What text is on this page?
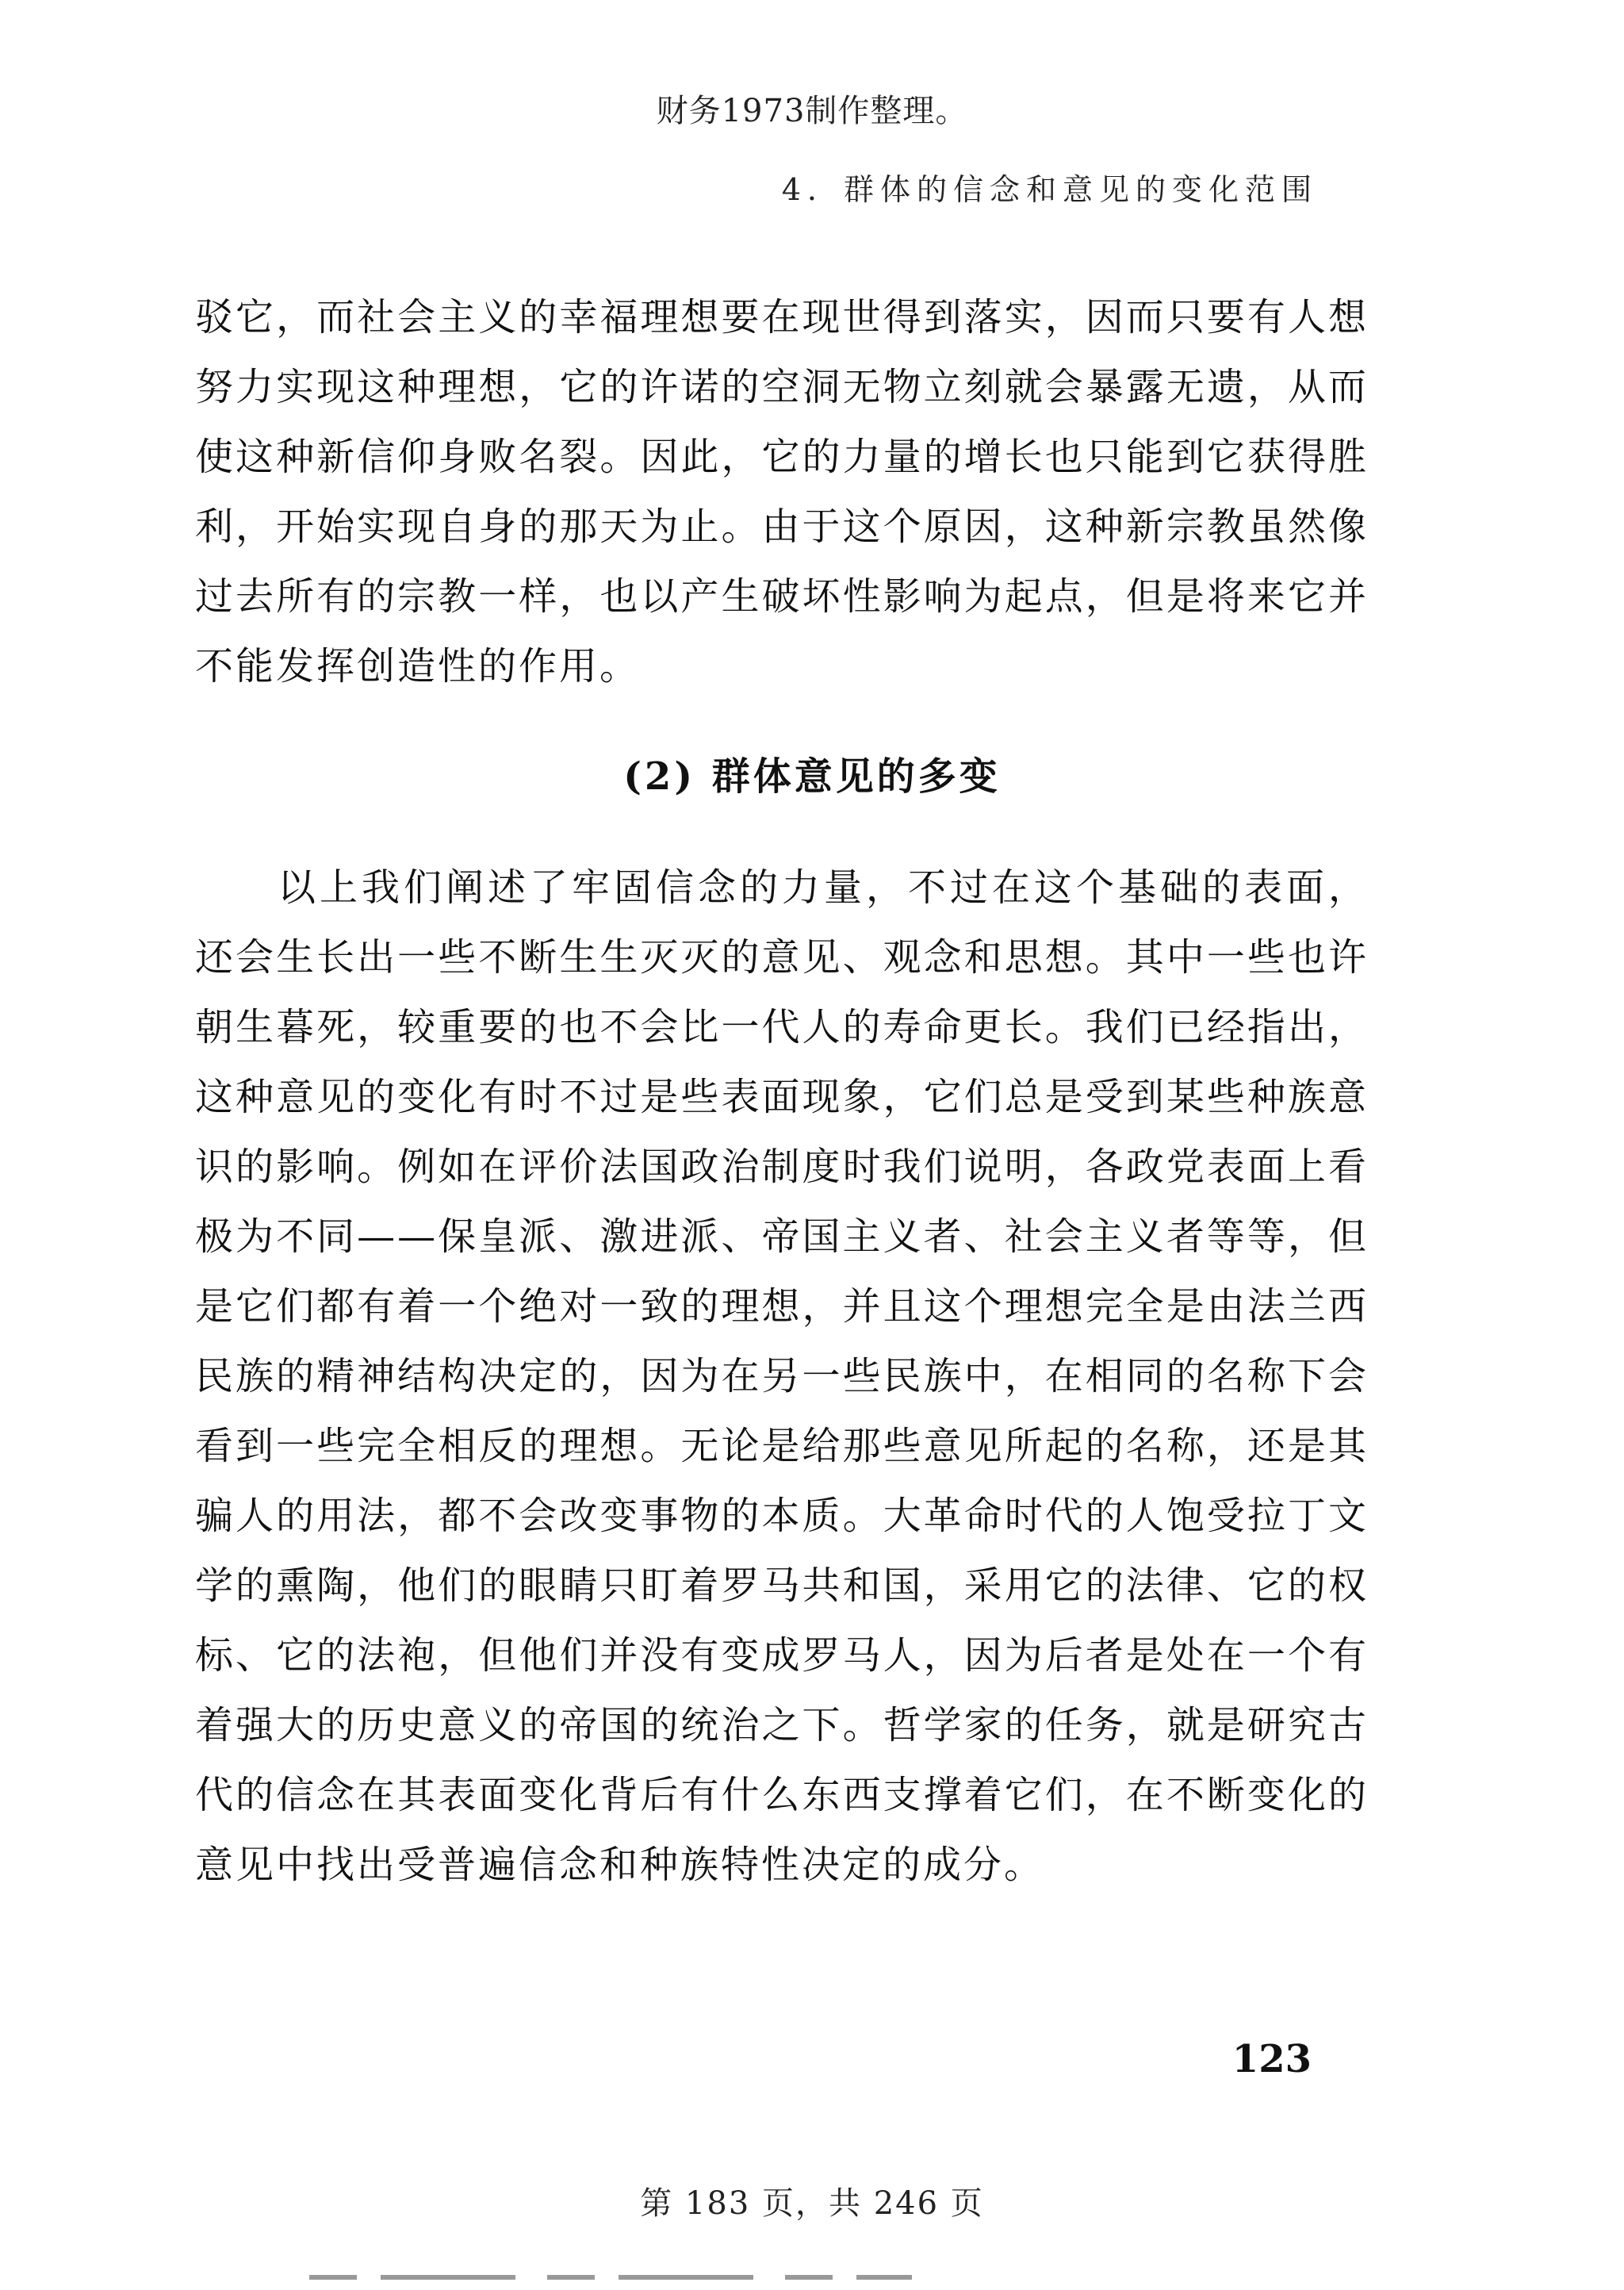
财务1973制作整理。
4．群体的信念和意见的变化范围

驳它，而社会主义的幸福理想要在现世得到落实，因而只要有人想努力实现这种理想，它的许诺的空洞无物立刻就会暴露无遗，从而使这种新信仰身败名裂。因此，它的力量的增长也只能到它获得胜利，开始实现自身的那天为止。由于这个原因，这种新宗教虽然像过去所有的宗教一样，也以产生破坏性影响为起点，但是将来它并不能发挥创造性的作用。

(2) 群体意见的多变

以上我们阐述了牢固信念的力量，不过在这个基础的表面，还会生长出一些不断生生灭灭的意见、观念和思想。其中一些也许朝生暮死，较重要的也不会比一代人的寿命更长。我们已经指出，这种意见的变化有时不过是些表面现象，它们总是受到某些种族意识的影响。例如在评价法国政治制度时我们说明，各政党表面上看极为不同——保皇派、激进派、帝国主义者、社会主义者等等，但是它们都有着一个绝对一致的理想，并且这个理想完全是由法兰西民族的精神结构决定的，因为在另一些民族中，在相同的名称下会看到一些完全相反的理想。无论是给那些意见所起的名称，还是其骗人的用法，都不会改变事物的本质。大革命时代的人饱受拉丁文学的熏陶，他们的眼睛只盯着罗马共和国，采用它的法律、它的权标、它的法袍，但他们并没有变成罗马人，因为后者是处在一个有着强大的历史意义的帝国的统治之下。哲学家的任务，就是研究古代的信念在其表面变化背后有什么东西支撑着它们，在不断变化的意见中找出受普遍信念和种族特性决定的成分。

123
第 183 页，共 246 页
